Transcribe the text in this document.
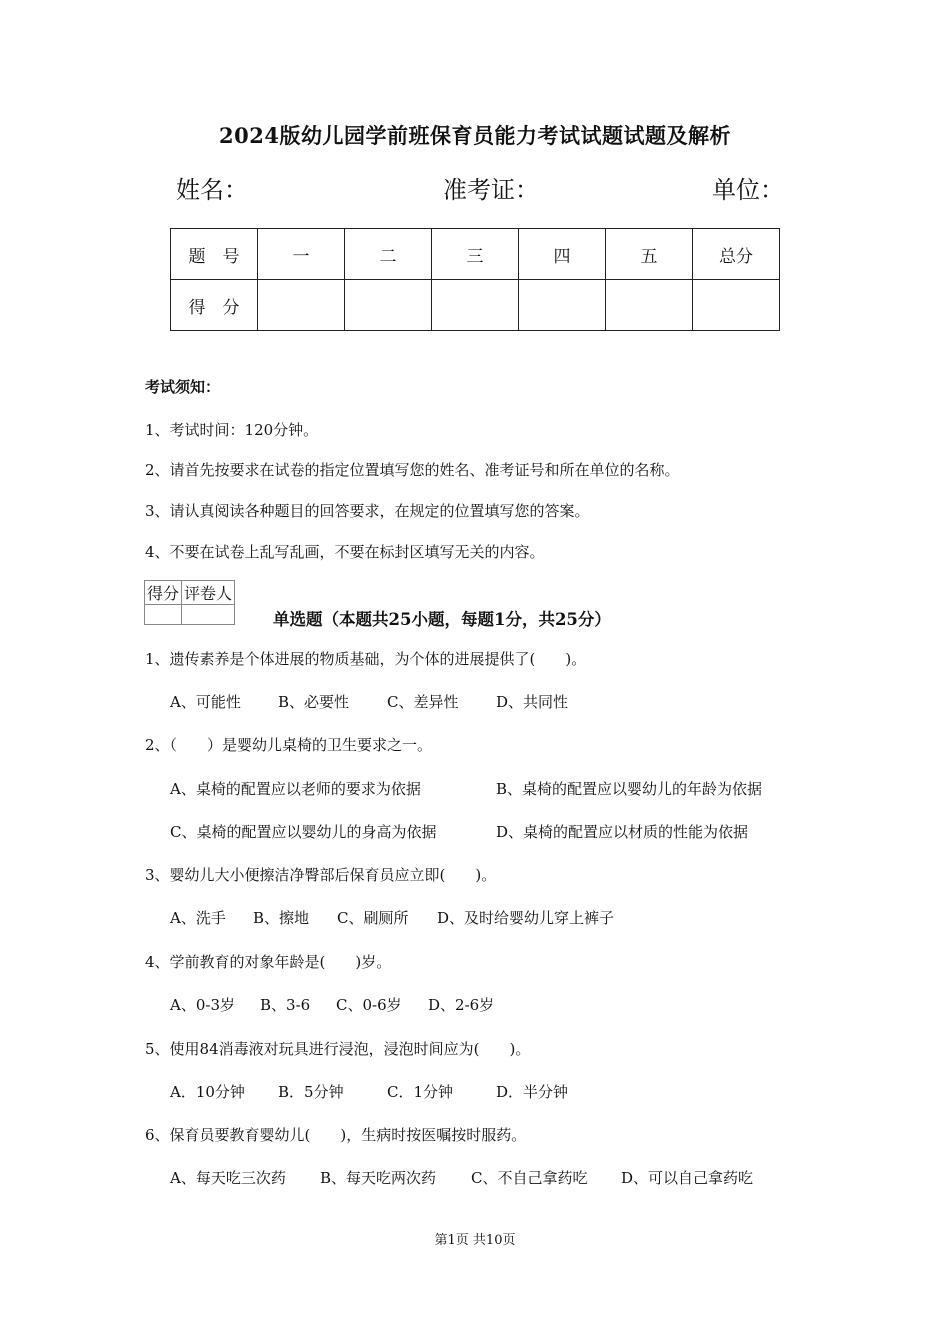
2024版幼儿园学前班保育员能力考试试题试题及解析
姓名：	准考证：	单位：
题　号	一	二	三	四	五	总分
得　分						
考试须知：
1、考试时间：120分钟。
2、请首先按要求在试卷的指定位置填写您的姓名、准考证号和所在单位的名称。
3、请认真阅读各种题目的回答要求，在规定的位置填写您的答案。
4、不要在试卷上乱写乱画，不要在标封区填写无关的内容。
得分	评卷人

单选题（本题共25小题，每题1分，共25分）
1、遗传素养是个体进展的物质基础，为个体的进展提供了(　　)。
A、可能性 B、必要性	C、差异性	D、共同性
2、（　　）是婴幼儿桌椅的卫生要求之一。
A、桌椅的配置应以老师的要求为依据	B、桌椅的配置应以婴幼儿的年龄为依据
C、桌椅的配置应以婴幼儿的身高为依据	D、桌椅的配置应以材质的性能为依据
3、婴幼儿大小便擦洁净臀部后保育员应立即(　　)。
A、洗手 B、擦地 C、刷厕所 D、及时给婴幼儿穿上裤子
4、学前教育的对象年龄是(　　)岁。
A、0-3岁 B、3-6 C、0-6岁 D、2-6岁
5、使用84消毒液对玩具进行浸泡，浸泡时间应为(　　)。
A．10分钟 B．5分钟	C．1分钟	D．半分钟
6、保育员要教育婴幼儿(　　)，生病时按医嘱按时服药。
A、每天吃三次药 B、每天吃两次药 C、不自己拿药吃 D、可以自己拿药吃
第1页 共10页
